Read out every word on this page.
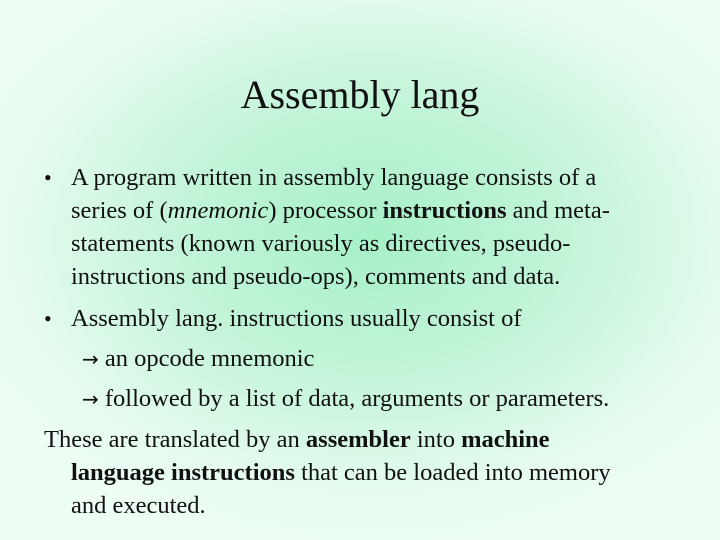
Assembly lang
• A program written in assembly language consists of a
series of (mnemonic) processor instructions and meta-
statements (known variously as directives, pseudo-
instructions and pseudo-ops), comments and data.
• Assembly lang. instructions usually consist of
→ an opcode mnemonic
→ followed by a list of data, arguments or parameters.
These are translated by an assembler into machine
language instructions that can be loaded into memory
and executed.
